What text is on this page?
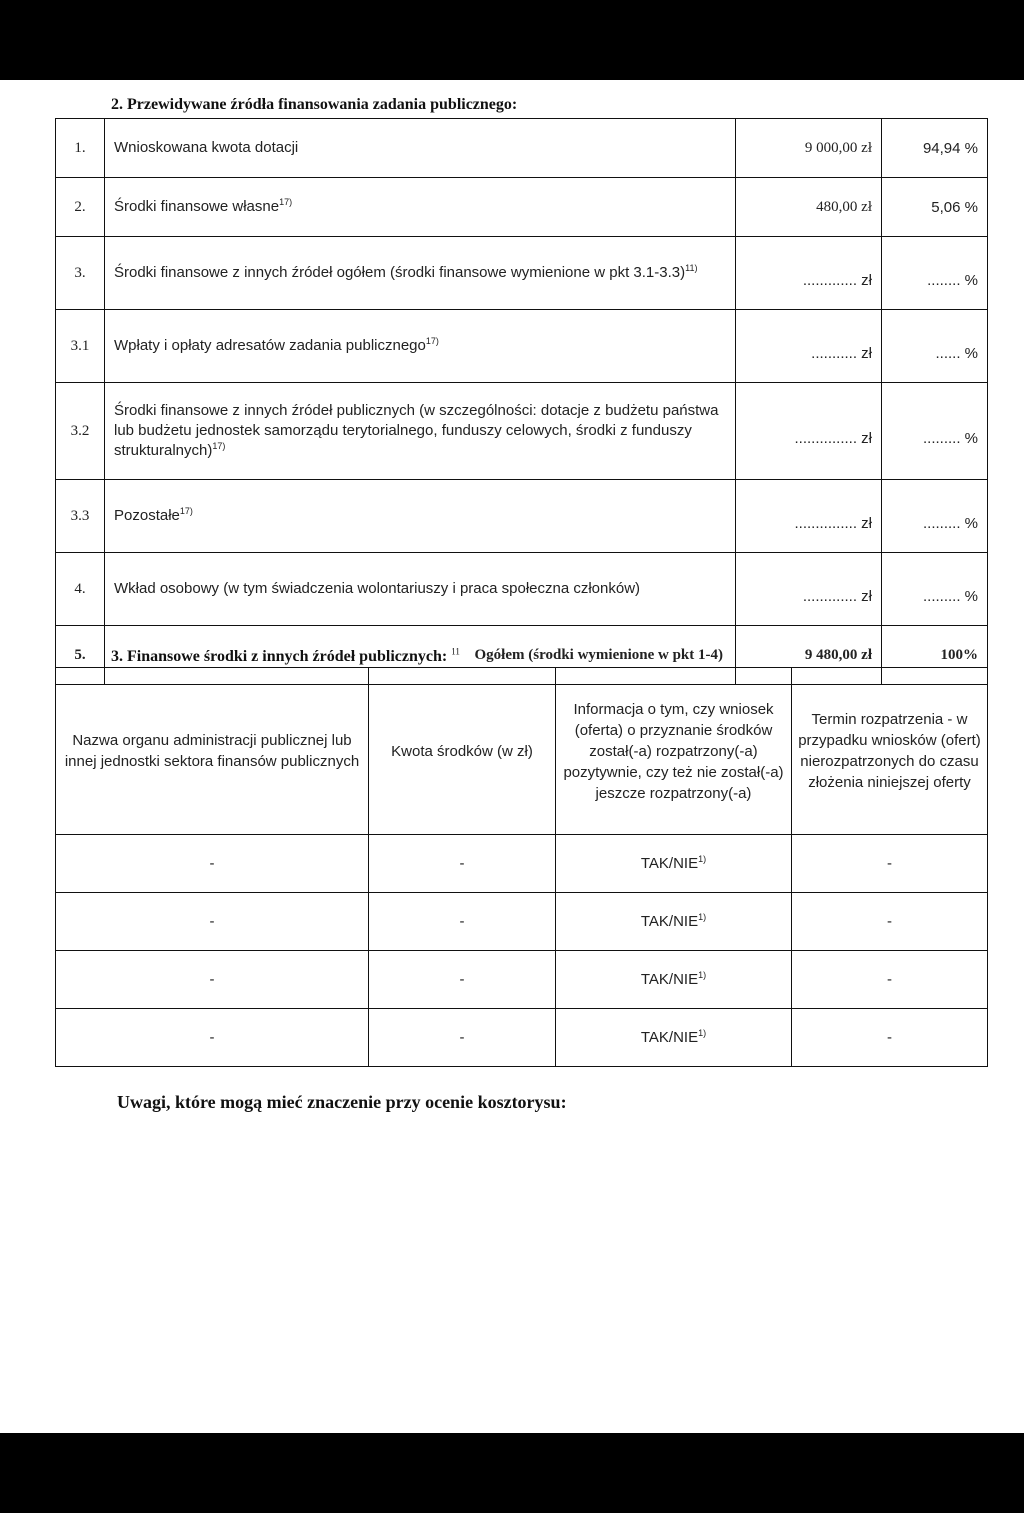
2. Przewidywane źródła finansowania zadania publicznego:
1.	Wnioskowana kwota dotacji	9 000,00 zł	94,94 %
2.	Środki finansowe własne$^{17)}$	480,00 zł	5,06 %
3.	Środki finansowe z innych źródeł ogółem (środki finansowe wymienione w pkt 3.1-3.3)$^{11)}$	............. zł	........ %
3.1	Wpłaty i opłaty adresatów zadania publicznego$^{17)}$	........... zł	...... %
3.2	Środki finansowe z innych źródeł publicznych (w szczególności: dotacje z budżetu państwa lub budżetu jednostek samorządu terytorialnego, funduszy celowych, środki z funduszy strukturalnych)$^{17)}$	............... zł	......... %
3.3	Pozostałe$^{17)}$	............... zł	......... %
4.	Wkład osobowy (w tym świadczenia wolontariuszy i praca społeczna członków)	............. zł	......... %
5.	Ogółem (środki wymienione w pkt 1-4)	9 480,00 zł	100%
3. Finansowe środki z innych źródeł publicznych: $^{11}$
Nazwa organu administracji publicznej lub innej jednostki sektora finansów publicznych	Kwota środków (w zł)	Informacja o tym, czy wniosek (oferta) o przyznanie środków został(-a) rozpatrzony(-a) pozytywnie, czy też nie został(-a) jeszcze rozpatrzony(-a)	Termin rozpatrzenia - w przypadku wniosków (ofert) nierozpatrzonych do czasu złożenia niniejszej oferty
-	-	TAK/NIE$^{1)}$	-
-	-	TAK/NIE$^{1)}$	-
-	-	TAK/NIE$^{1)}$	-
-	-	TAK/NIE$^{1)}$	-
Uwagi, które mogą mieć znaczenie przy ocenie kosztorysu:
